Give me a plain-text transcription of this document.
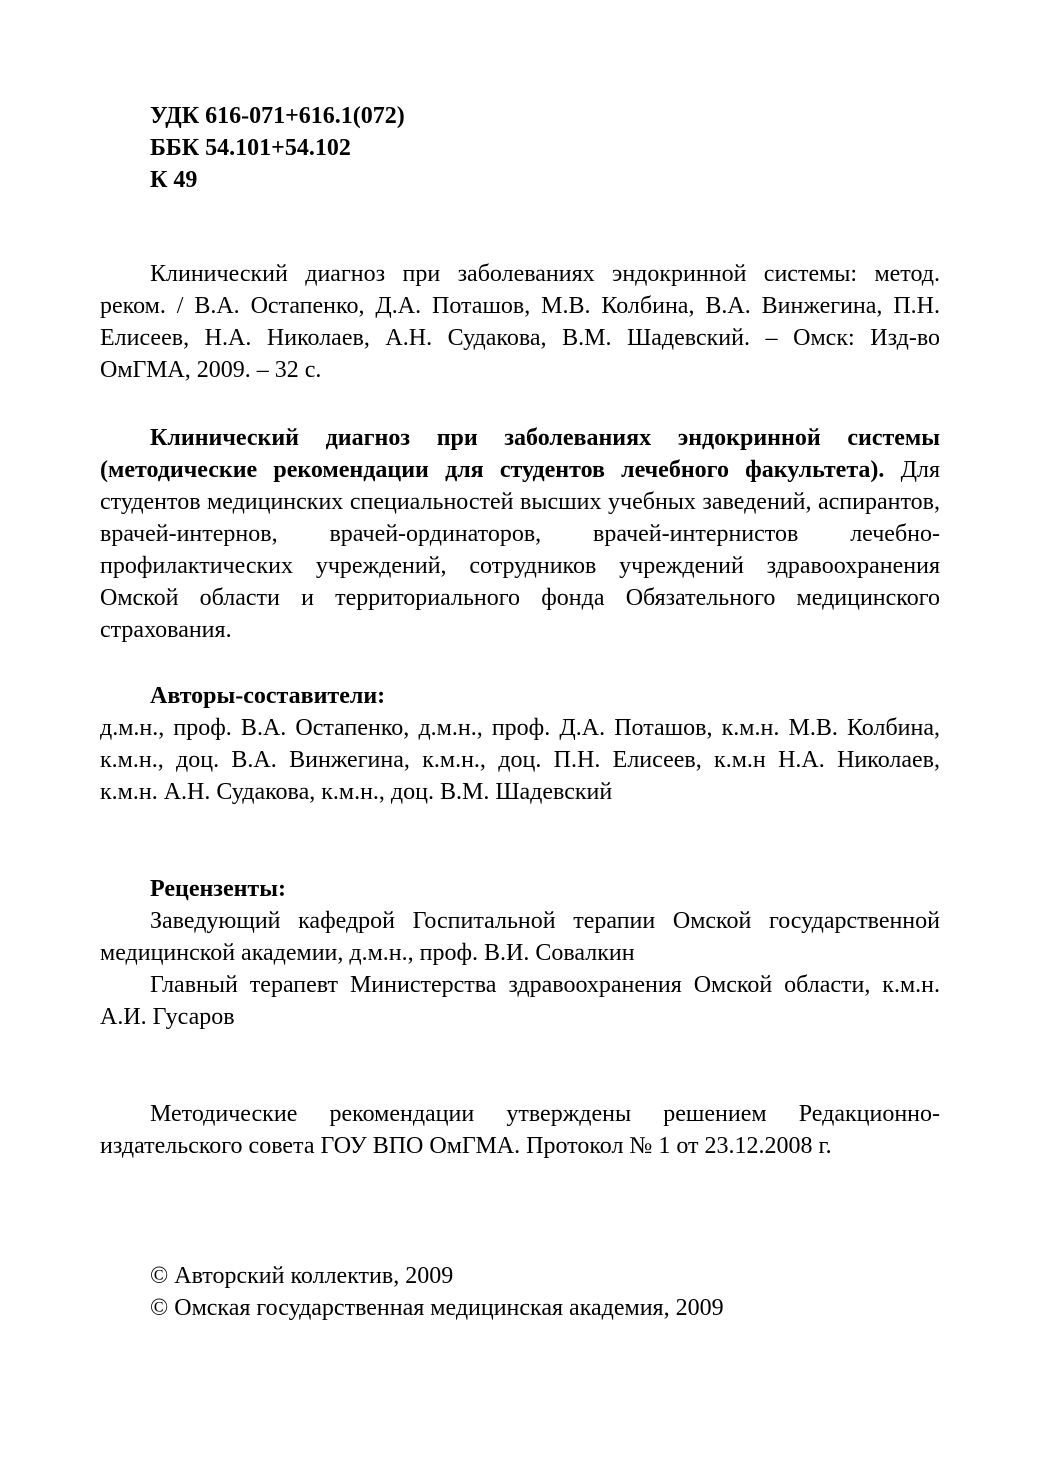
УДК 616-071+616.1(072)
ББК 54.101+54.102
К 49
Клинический диагноз при заболеваниях эндокринной системы: метод. реком. / В.А. Остапенко, Д.А. Поташов, М.В. Колбина, В.А. Винжегина, П.Н. Елисеев, Н.А. Николаев, А.Н. Судакова, В.М. Шадевский. – Омск: Изд-во ОмГМА, 2009. – 32 с.
Клинический диагноз при заболеваниях эндокринной системы (методические рекомендации для студентов лечебного факультета). Для студентов медицинских специальностей высших учебных заведений, аспирантов, врачей-интернов, врачей-ординаторов, врачей-интернистов лечебно-профилактических учреждений, сотрудников учреждений здравоохранения Омской области и территориального фонда Обязательного медицинского страхования.
Авторы-составители:
д.м.н., проф. В.А. Остапенко, д.м.н., проф. Д.А. Поташов, к.м.н. М.В. Колбина, к.м.н., доц. В.А. Винжегина, к.м.н., доц. П.Н. Елисеев, к.м.н Н.А. Николаев, к.м.н. А.Н. Судакова, к.м.н., доц. В.М. Шадевский
Рецензенты:
Заведующий кафедрой Госпитальной терапии Омской государственной медицинской академии, д.м.н., проф. В.И. Совалкин
Главный терапевт Министерства здравоохранения Омской области, к.м.н. А.И. Гусаров
Методические рекомендации утверждены решением Редакционно-издательского совета ГОУ ВПО ОмГМА. Протокол № 1 от 23.12.2008 г.
© Авторский коллектив, 2009
© Омская государственная медицинская академия, 2009
